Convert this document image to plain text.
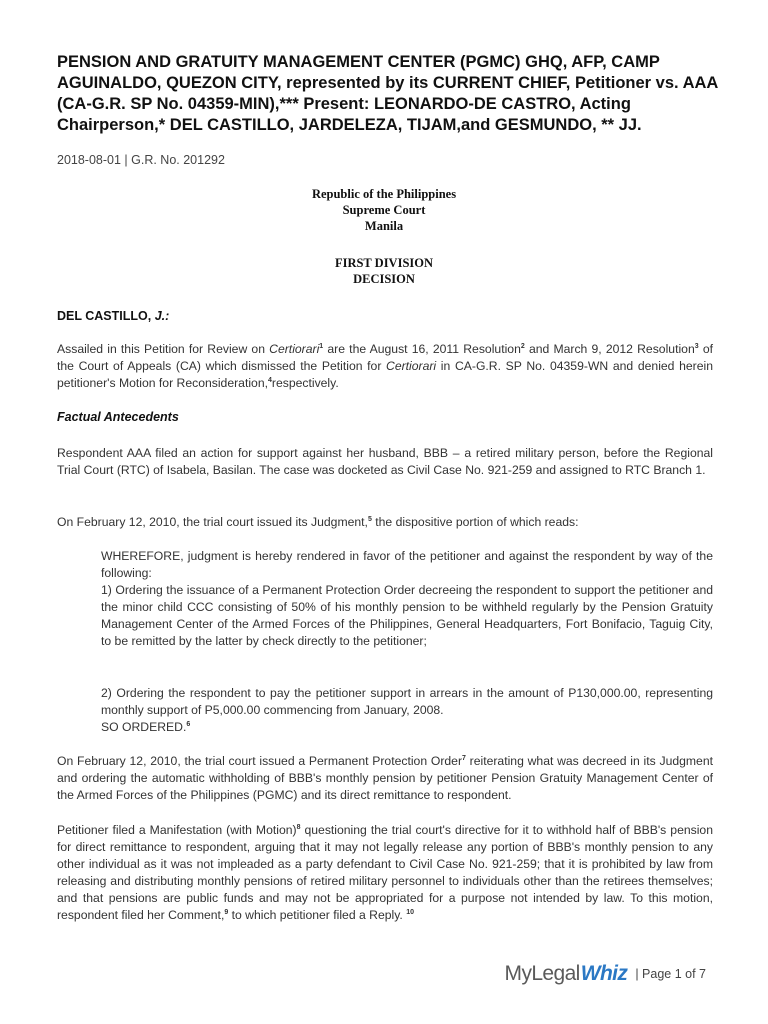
PENSION AND GRATUITY MANAGEMENT CENTER (PGMC) GHQ, AFP, CAMP AGUINALDO, QUEZON CITY, represented by its CURRENT CHIEF, Petitioner vs. AAA (CA-G.R. SP No. 04359-MIN),*** Present: LEONARDO-DE CASTRO, Acting Chairperson,* DEL CASTILLO, JARDELEZA, TIJAM,and GESMUNDO, ** JJ.
2018-08-01 | G.R. No. 201292
Republic of the Philippines
Supreme Court
Manila
FIRST DIVISION
DECISION
DEL CASTILLO, J.:

Assailed in this Petition for Review on Certiorari$^1$ are the August 16, 2011 Resolution$^2$ and March 9, 2012 Resolution$^3$ of the Court of Appeals (CA) which dismissed the Petition for Certiorari in CA-G.R. SP No. 04359-WN and denied herein petitioner's Motion for Reconsideration,$^4$respectively.

Factual Antecedents

Respondent AAA filed an action for support against her husband, BBB – a retired military person, before the Regional Trial Court (RTC) of Isabela, Basilan. The case was docketed as Civil Case No. 921-259 and assigned to RTC Branch 1.

On February 12, 2010, the trial court issued its Judgment,$^5$ the dispositive portion of which reads:

WHEREFORE, judgment is hereby rendered in favor of the petitioner and against the respondent by way of the following:

1) Ordering the issuance of a Permanent Protection Order decreeing the respondent to support the petitioner and the minor child CCC consisting of 50% of his monthly pension to be withheld regularly by the Pension Gratuity Management Center of the Armed Forces of the Philippines, General Headquarters, Fort Bonifacio, Taguig City, to be remitted by the latter by check directly to the petitioner;

2) Ordering the respondent to pay the petitioner support in arrears in the amount of P130,000.00, representing monthly support of P5,000.00 commencing from January, 2008.

SO ORDERED.$^6$

On February 12, 2010, the trial court issued a Permanent Protection Order$^7$ reiterating what was decreed in its Judgment and ordering the automatic withholding of BBB's monthly pension by petitioner Pension Gratuity Management Center of the Armed Forces of the Philippines (PGMC) and its direct remittance to respondent.

Petitioner filed a Manifestation (with Motion)$^8$ questioning the trial court's directive for it to withhold half of BBB's pension for direct remittance to respondent, arguing that it may not legally release any portion of BBB's monthly pension to any other individual as it was not impleaded as a party defendant to Civil Case No. 921-259; that it is prohibited by law from releasing and distributing monthly pensions of retired military personnel to individuals other than the retirees themselves; and that pensions are public funds and may not be appropriated for a purpose not intended by law. To this motion, respondent filed her Comment,$^9$ to which petitioner filed a Reply. $^{10}$

MyLegal Whiz | Page 1 of 7
